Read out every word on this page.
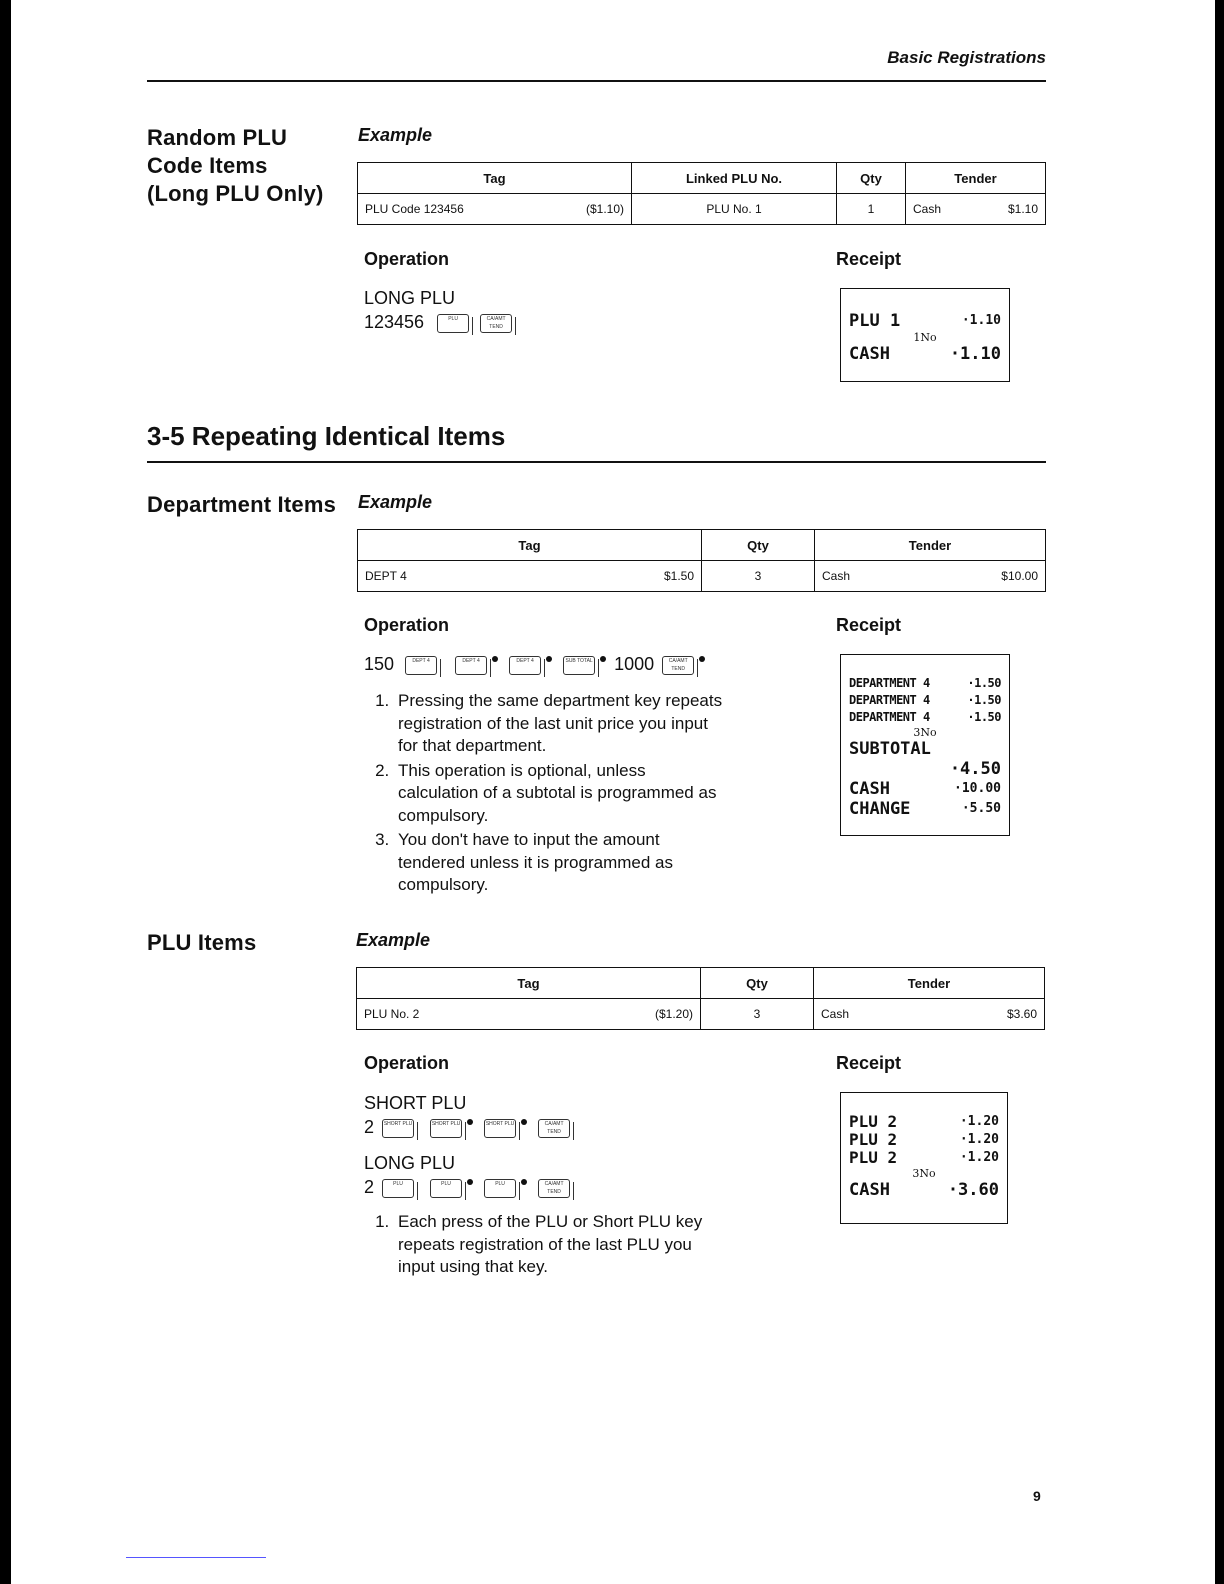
Basic Registrations
Random PLU
Code Items
(Long PLU Only)
Example
Tag	Linked PLU No.	Qty	Tender

PLU Code 123456 ($1.10)	PLU No. 1	1	Cash $1.10
Operation
LONG PLU
123456	PLU	CA/AMT TEND
Receipt
PLU 1	·1.10
1No
CASH	·1.10
3-5 Repeating Identical Items
Department Items Example
Tag	Qty	Tender

DEPT 4 $1.50	3	Cash $10.00
Operation
150	DEPT 4	DEPT 4	DEPT 4	SUB TOTAL 1000	CA/AMT TEND
1. Pressing the same department key repeats registration of the last unit price you input for that department.
2. This operation is optional, unless calculation of a subtotal is programmed as compulsory.
3. You don't have to input the amount tendered unless it is programmed as compulsory.
Receipt
DEPARTMENT 4	·1.50
DEPARTMENT 4	·1.50
DEPARTMENT 4	·1.50
3No
SUBTOTAL
·4.50
CASH	·10.00
CHANGE	·5.50
PLU Items	Example
Tag	Qty	Tender

PLU No. 2 ($1.20)	3	Cash $3.60
Operation
SHORT PLU
2 SHORT PLU	SHORT PLU	SHORT PLU	CA/AMT TEND
LONG PLU
2	PLU	PLU	PLU	CA/AMT TEND
1. Each press of the PLU or Short PLU key repeats registration of the last PLU you input using that key.
Receipt
PLU 2	·1.20
PLU 2	·1.20
PLU 2	·1.20
3No
CASH	·3.60
9
